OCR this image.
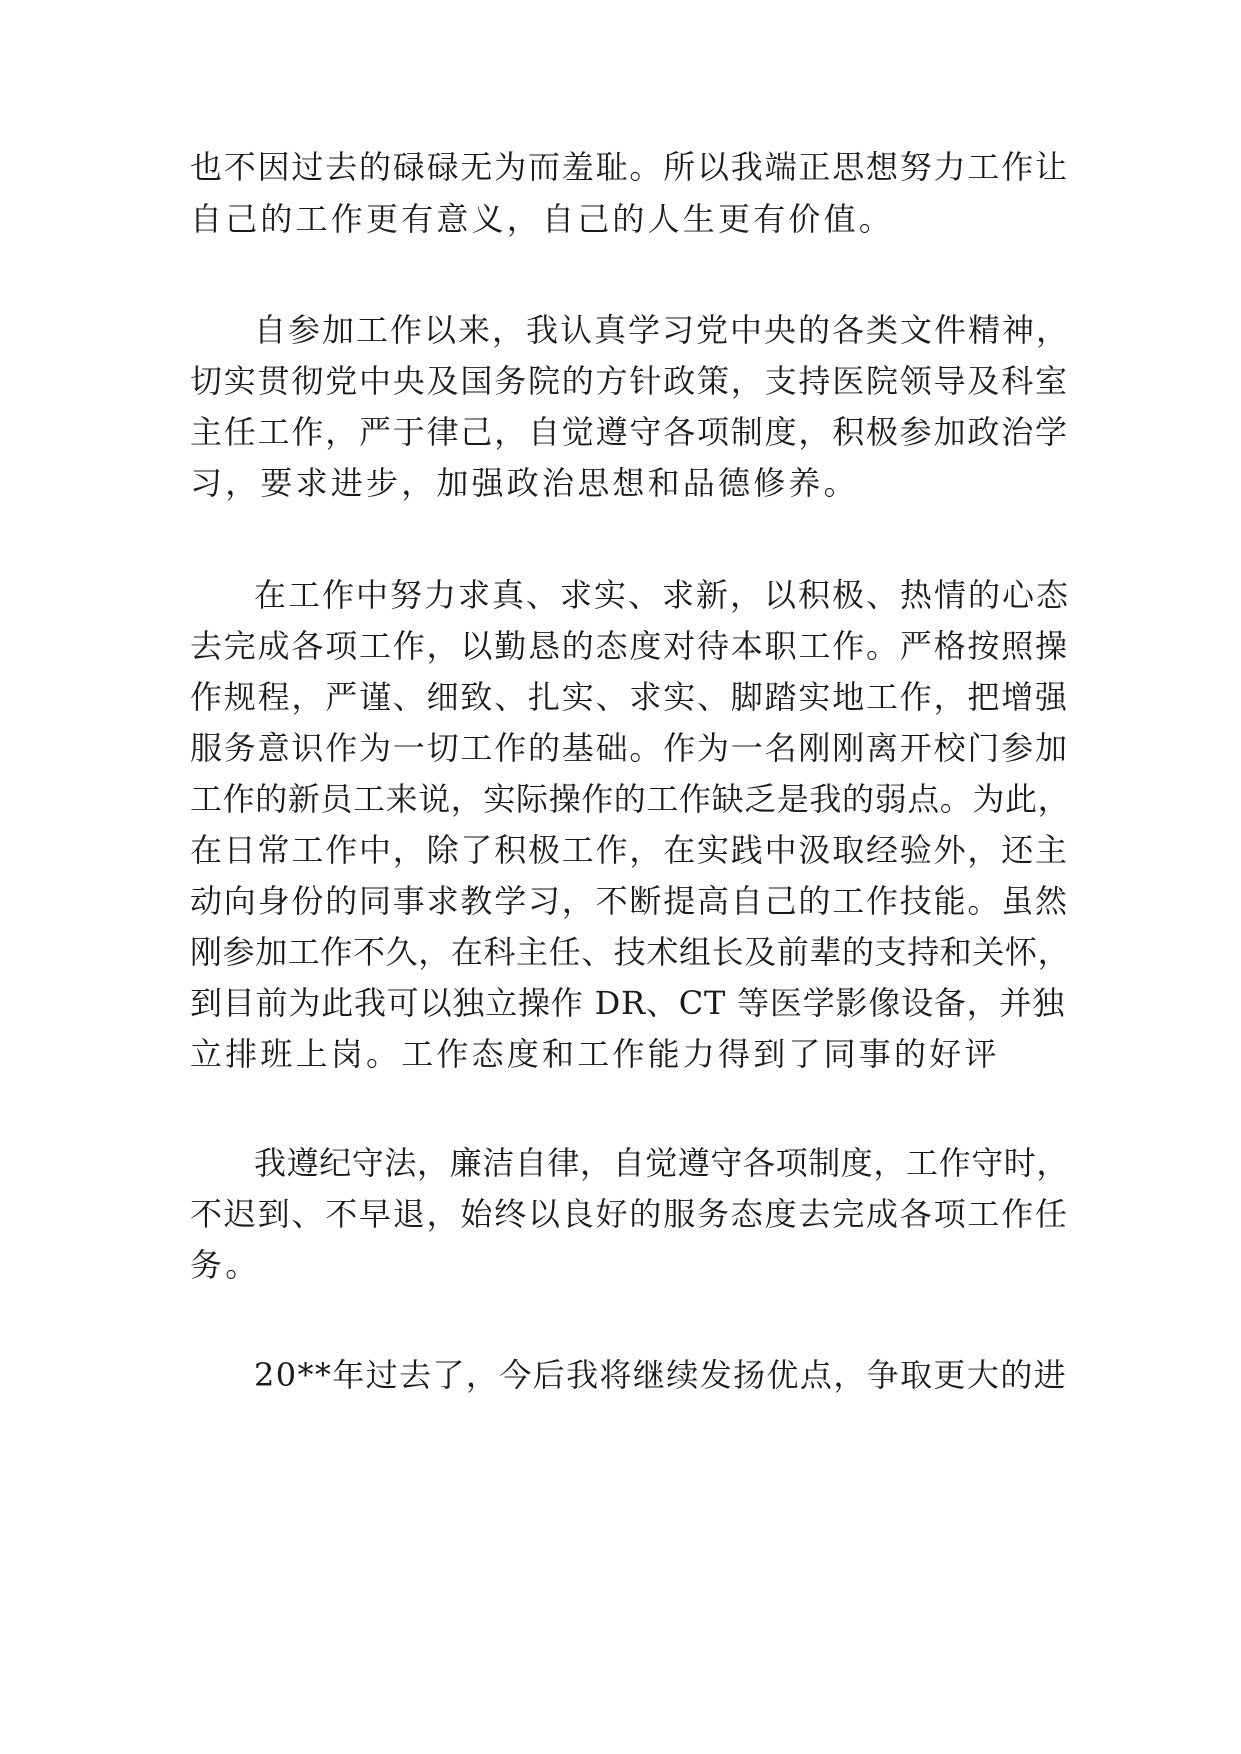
也不因过去的碌碌无为而羞耻。所以我端正思想努力工作让

自己的工作更有意义，自己的人生更有价值。

自参加工作以来，我认真学习党中央的各类文件精神，

切实贯彻党中央及国务院的方针政策，支持医院领导及科室

主任工作，严于律己，自觉遵守各项制度，积极参加政治学

习，要求进步，加强政治思想和品德修养。

在工作中努力求真、求实、求新，以积极、热情的心态

去完成各项工作，以勤恳的态度对待本职工作。严格按照操

作规程，严谨、细致、扎实、求实、脚踏实地工作，把增强

服务意识作为一切工作的基础。作为一名刚刚离开校门参加

工作的新员工来说，实际操作的工作缺乏是我的弱点。为此，

在日常工作中，除了积极工作，在实践中汲取经验外，还主

动向身份的同事求教学习，不断提高自己的工作技能。虽然

刚参加工作不久，在科主任、技术组长及前辈的支持和关怀，

到目前为此我可以独立操作 DR、CT 等医学影像设备，并独

立排班上岗。工作态度和工作能力得到了同事的好评

我遵纪守法，廉洁自律，自觉遵守各项制度，工作守时，

不迟到、不早退，始终以良好的服务态度去完成各项工作任

务。

20**年过去了，今后我将继续发扬优点，争取更大的进
